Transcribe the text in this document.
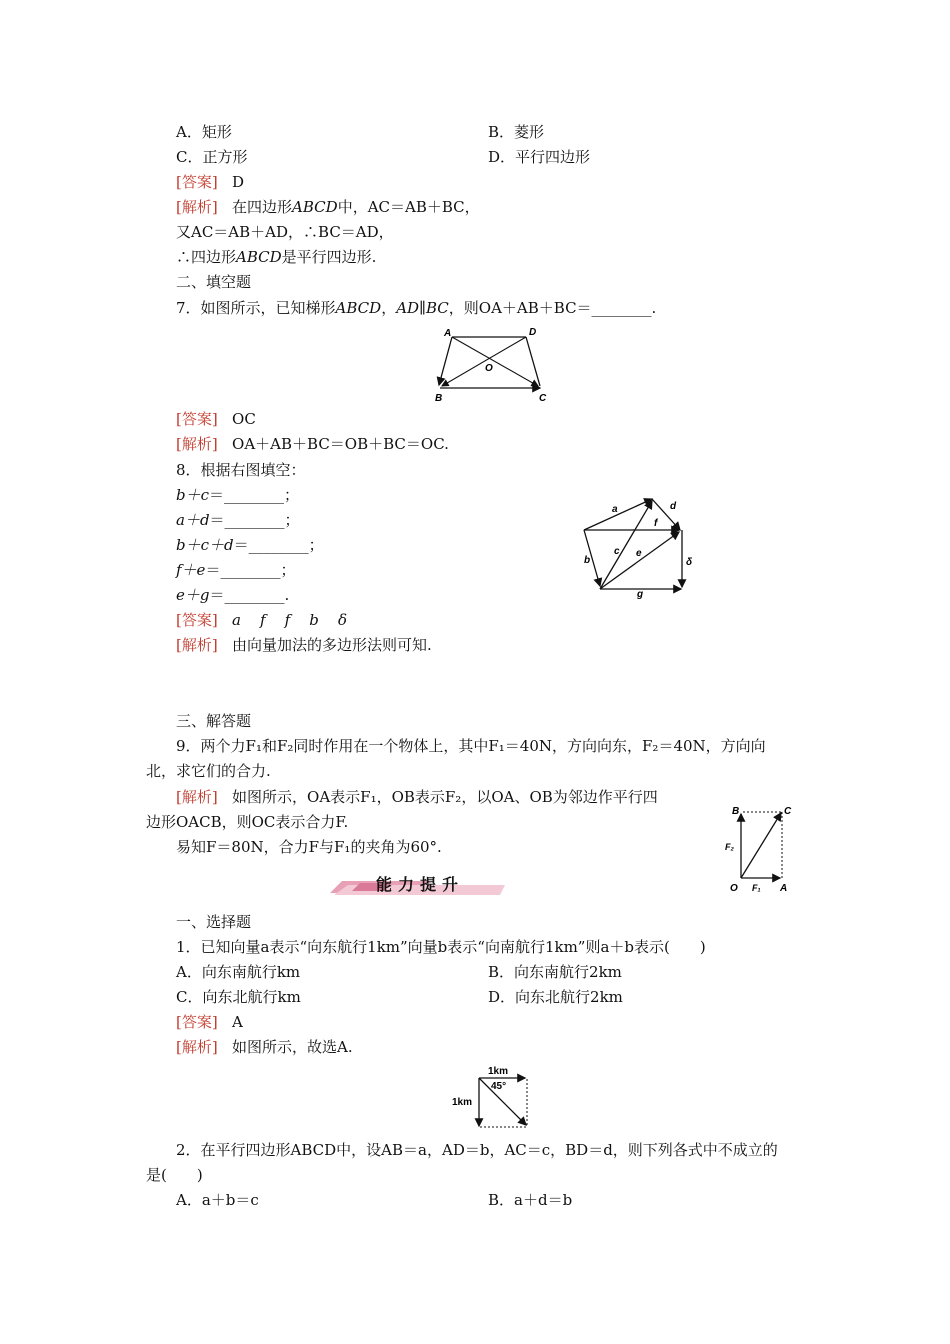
A．矩形	B．菱形
C．正方形	D．平行四边形
[答案] D
[解析] 在四边形ABCD中，AC＝AB＋BC，
又AC＝AB＋AD，∴BC＝AD，
∴四边形ABCD是平行四边形.
二、填空题
7．如图所示，已知梯形ABCD，AD∥BC，则OA＋AB＋BC＝________.
A	D
O
B	C
[答案] OC
[解析] OA＋AB＋BC＝OB＋BC＝OC.
8．根据右图填空：
b＋c＝________；
a＋d＝________；
b＋c＋d＝________；
f＋e＝________；
e＋g＝________.
a	d
f
b
c e
g
δ
[答案] a    f    f    b    δ
[解析] 由向量加法的多边形法则可知.
三、解答题
9．两个力F₁和F₂同时作用在一个物体上，其中F₁＝40N，方向向东，F₂＝40N，方向向
北，求它们的合力.
[解析] 如图所示，OA表示F₁，OB表示F₂，以OA、OB为邻边作平行四
边形OACB，则OC表示合力F.
易知F＝80N，合力F与F₁的夹角为60°.
B	C
F₂
O F₁ A
能力提升
一、选择题
1．已知向量a表示“向东航行1km”向量b表示“向南航行1km”则a＋b表示(　　)
A．向东南航行km	B．向东南航行2km
C．向东北航行km	D．向东北航行2km
[答案] A
[解析] 如图所示，故选A.
1km
45°
1km
2．在平行四边形ABCD中，设AB＝a，AD＝b，AC＝c，BD＝d，则下列各式中不成立的
是(　　)
A．a＋b＝c	B．a＋d＝b
